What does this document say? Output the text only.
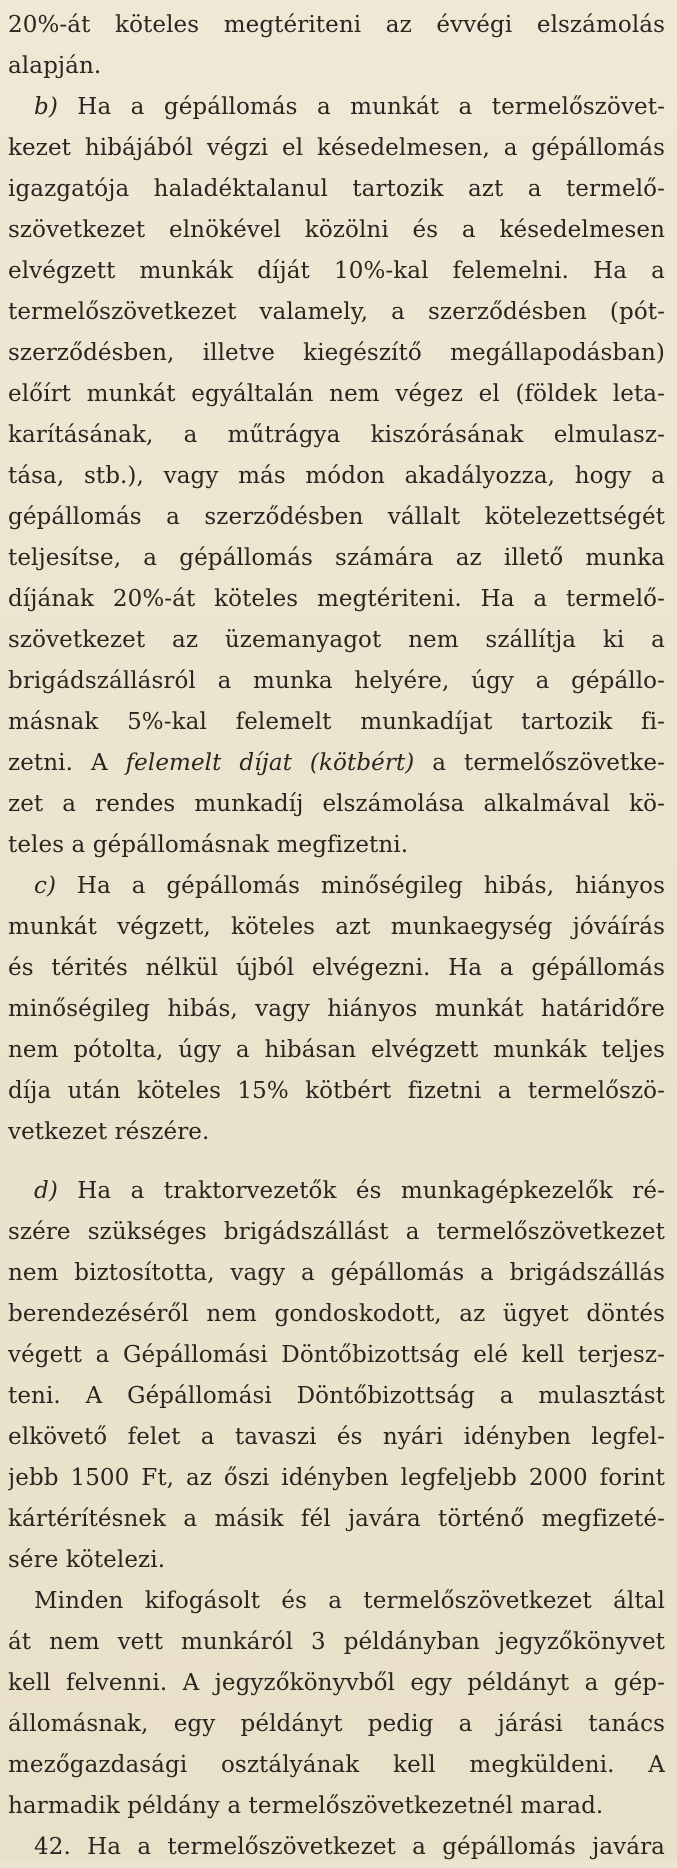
20%-át köteles megtériteni az évvégi elszámolás
alapján.
b) Ha a gépállomás a munkát a termelőszövet-
kezet hibájából végzi el késedelmesen, a gépállomás
igazgatója haladéktalanul tartozik azt a termelő-
szövetkezet elnökével közölni és a késedelmesen
elvégzett munkák díját 10%-kal felemelni. Ha a
termelőszövetkezet valamely, a szerződésben (pót-
szerződésben, illetve kiegészítő megállapodásban)
előírt munkát egyáltalán nem végez el (földek leta-
karításának, a műtrágya kiszórásának elmulasz-
tása, stb.), vagy más módon akadályozza, hogy a
gépállomás a szerződésben vállalt kötelezettségét
teljesítse, a gépállomás számára az illető munka
díjának 20%-át köteles megtériteni. Ha a termelő-
szövetkezet az üzemanyagot nem szállítja ki a
brigádszállásról a munka helyére, úgy a gépállo-
másnak 5%-kal felemelt munkadíjat tartozik fi-
zetni. A felemelt díjat (kötbért) a termelőszövetke-
zet a rendes munkadíj elszámolása alkalmával kö-
teles a gépállomásnak megfizetni.
c) Ha a gépállomás minőségileg hibás, hiányos
munkát végzett, köteles azt munkaegység jóváírás
és térités nélkül újból elvégezni. Ha a gépállomás
minőségileg hibás, vagy hiányos munkát határidőre
nem pótolta, úgy a hibásan elvégzett munkák teljes
díja után köteles 15% kötbért fizetni a termelőszö-
vetkezet részére.
d) Ha a traktorvezetők és munkagépkezelők ré-
szére szükséges brigádszállást a termelőszövetkezet
nem biztosította, vagy a gépállomás a brigádszállás
berendezéséről nem gondoskodott, az ügyet döntés
végett a Gépállomási Döntőbizottság elé kell terjesz-
teni. A Gépállomási Döntőbizottság a mulasztást
elkövető felet a tavaszi és nyári idényben legfel-
jebb 1500 Ft, az őszi idényben legfeljebb 2000 forint
kártérítésnek a másik fél javára történő megfizeté-
sére kötelezi.
Minden kifogásolt és a termelőszövetkezet által
át nem vett munkáról 3 példányban jegyzőkönyvet
kell felvenni. A jegyzőkönyvből egy példányt a gép-
állomásnak, egy példányt pedig a járási tanács
mezőgazdasági osztályának kell megküldeni. A
harmadik példány a termelőszövetkezetnél marad.
42. Ha a termelőszövetkezet a gépállomás javára
